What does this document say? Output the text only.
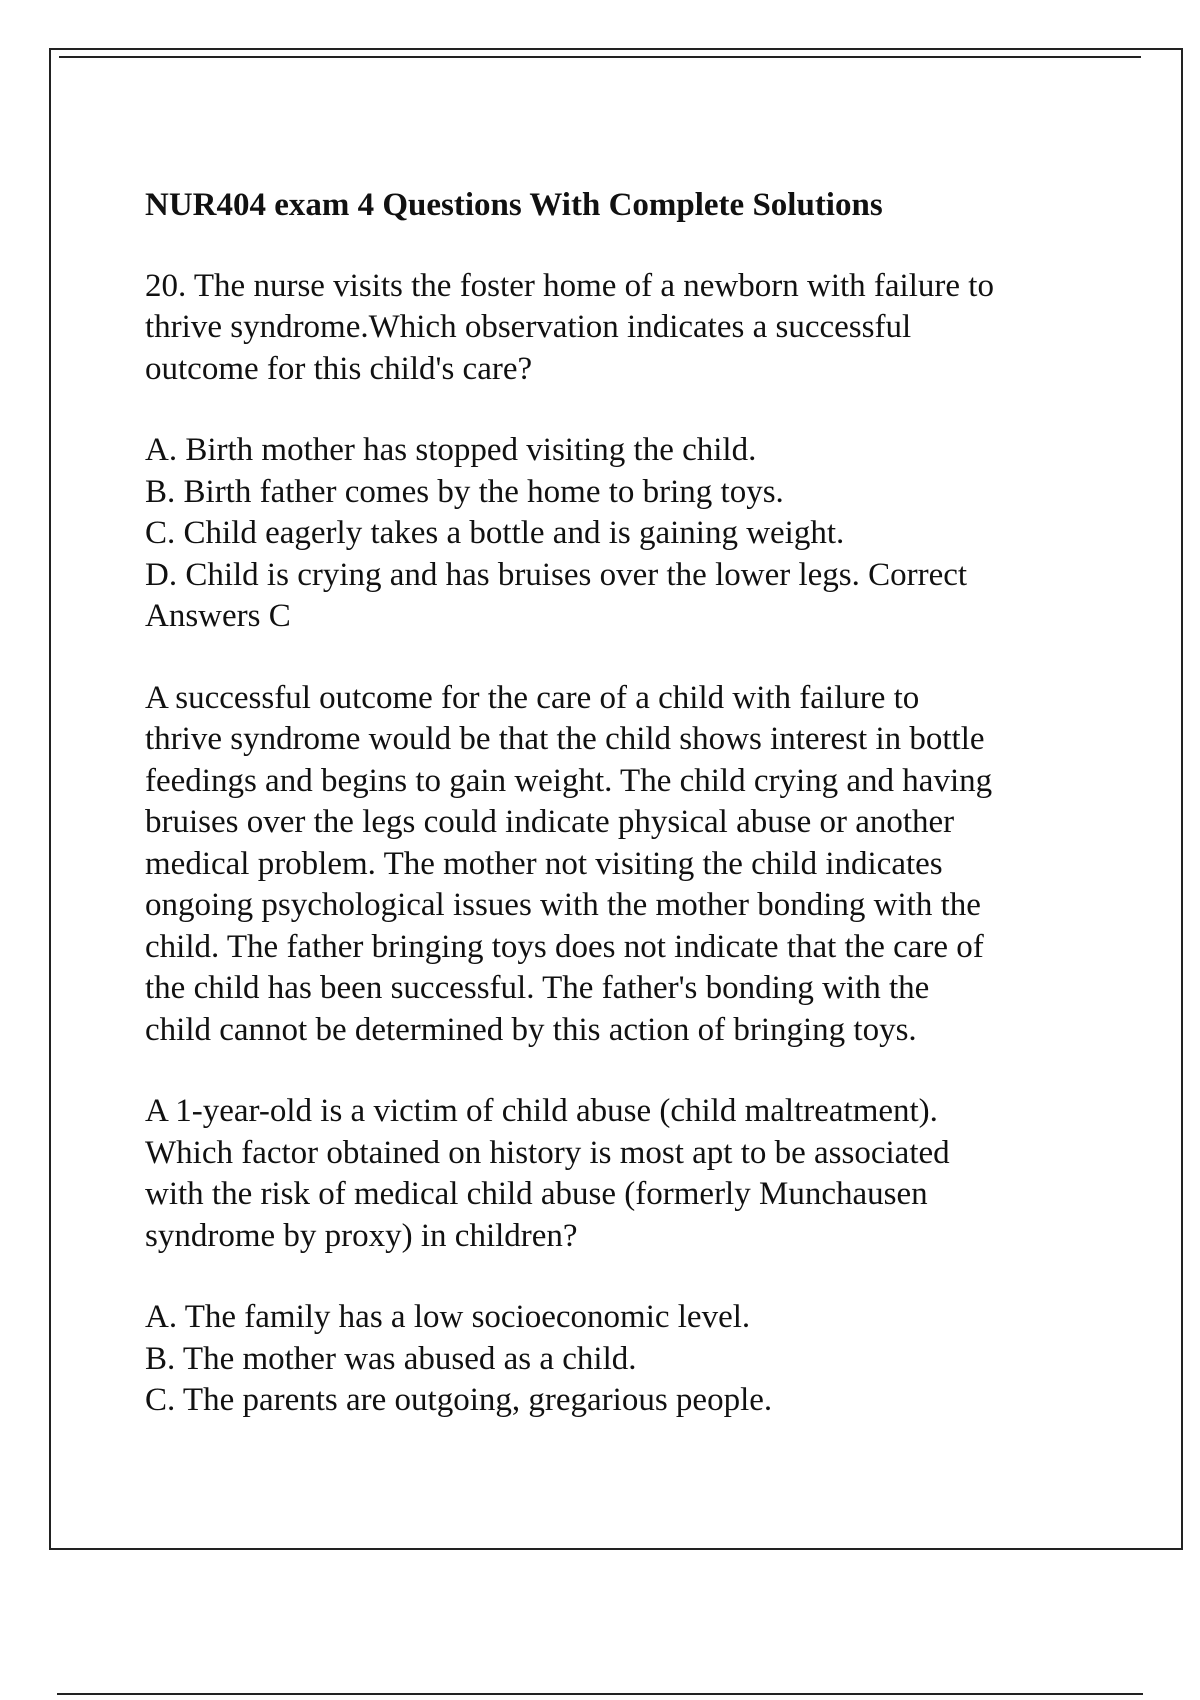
NUR404 exam 4 Questions With Complete Solutions
20. The nurse visits the foster home of a newborn with failure to
thrive syndrome.Which observation indicates a successful
outcome for this child's care?
A. Birth mother has stopped visiting the child.
B. Birth father comes by the home to bring toys.
C. Child eagerly takes a bottle and is gaining weight.
D. Child is crying and has bruises over the lower legs. Correct
Answers C
A successful outcome for the care of a child with failure to
thrive syndrome would be that the child shows interest in bottle
feedings and begins to gain weight. The child crying and having
bruises over the legs could indicate physical abuse or another
medical problem. The mother not visiting the child indicates
ongoing psychological issues with the mother bonding with the
child. The father bringing toys does not indicate that the care of
the child has been successful. The father's bonding with the
child cannot be determined by this action of bringing toys.
A 1-year-old is a victim of child abuse (child maltreatment).
Which factor obtained on history is most apt to be associated
with the risk of medical child abuse (formerly Munchausen
syndrome by proxy) in children?
A. The family has a low socioeconomic level.
B. The mother was abused as a child.
C. The parents are outgoing, gregarious people.
